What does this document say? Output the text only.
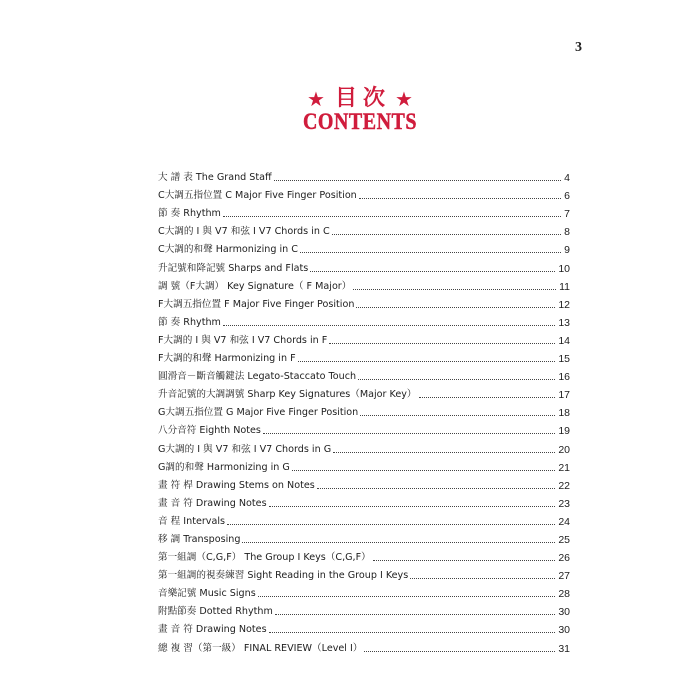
3
★ 目次 ★
CONTENTS
大 譜 表 The Grand Staff	4
C大調五指位置 C Major Five Finger Position	6
節 奏 Rhythm	7
C大調的 I 與 V7 和弦 I V7 Chords in C	8
C大調的和聲 Harmonizing in C	9
升記號和降記號 Sharps and Flats	10
調 號（F大調） Key Signature（ F Major）	11
F大調五指位置 F Major Five Finger Position	12
節 奏 Rhythm	13
F大調的 I 與 V7 和弦 I V7 Chords in F	14
F大調的和聲 Harmonizing in F	15
圓滑音－斷音觸鍵法 Legato-Staccato Touch	16
升音記號的大調調號 Sharp Key Signatures（Major Key）	17
G大調五指位置 G Major Five Finger Position	18
八分音符 Eighth Notes	19
G大調的 I 與 V7 和弦 I V7 Chords in G	20
G調的和聲 Harmonizing in G	21
畫 符 桿 Drawing Stems on Notes	22
畫 音 符 Drawing Notes	23
音 程 Intervals	24
移 調 Transposing	25
第一組調（C,G,F） The Group I Keys（C,G,F）	26
第一組調的視奏練習 Sight Reading in the Group I Keys	27
音樂記號 Music Signs	28
附點節奏 Dotted Rhythm	30
畫 音 符 Drawing Notes	30
總 複 習（第一級） FINAL REVIEW（Level I）	31
